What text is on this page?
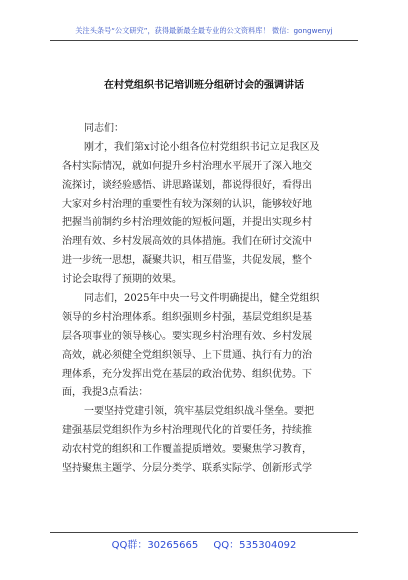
关注头条号“公文研究”，获得最新最全最专业的公文资料库！ 微信：gongwenyj
在村党组织书记培训班分组研讨会的强调讲话
同志们：
刚才，我们第x讨论小组各位村党组织书记立足我区及
各村实际情况，就如何提升乡村治理水平展开了深入地交
流探讨，谈经验感悟、讲思路谋划，都说得很好，看得出
大家对乡村治理的重要性有较为深刻的认识，能够较好地
把握当前制约乡村治理效能的短板问题，并提出实现乡村
治理有效、乡村发展高效的具体措施。我们在研讨交流中
进一步统一思想，凝聚共识，相互借鉴，共促发展，整个
讨论会取得了预期的效果。
同志们，2025年中央一号文件明确提出，健全党组织
领导的乡村治理体系。组织强则乡村强，基层党组织是基
层各项事业的领导核心。要实现乡村治理有效、乡村发展
高效，就必须健全党组织领导、上下贯通、执行有力的治
理体系，充分发挥出党在基层的政治优势、组织优势。下
面，我提3点看法：
一要坚持党建引领，筑牢基层党组织战斗堡垒。要把
建强基层党组织作为乡村治理现代化的首要任务，持续推
动农村党的组织和工作覆盖提质增效。要聚焦学习教育，
坚持聚焦主题学、分层分类学、联系实际学、创新形式学
QQ群：30265665 QQ：535304092
